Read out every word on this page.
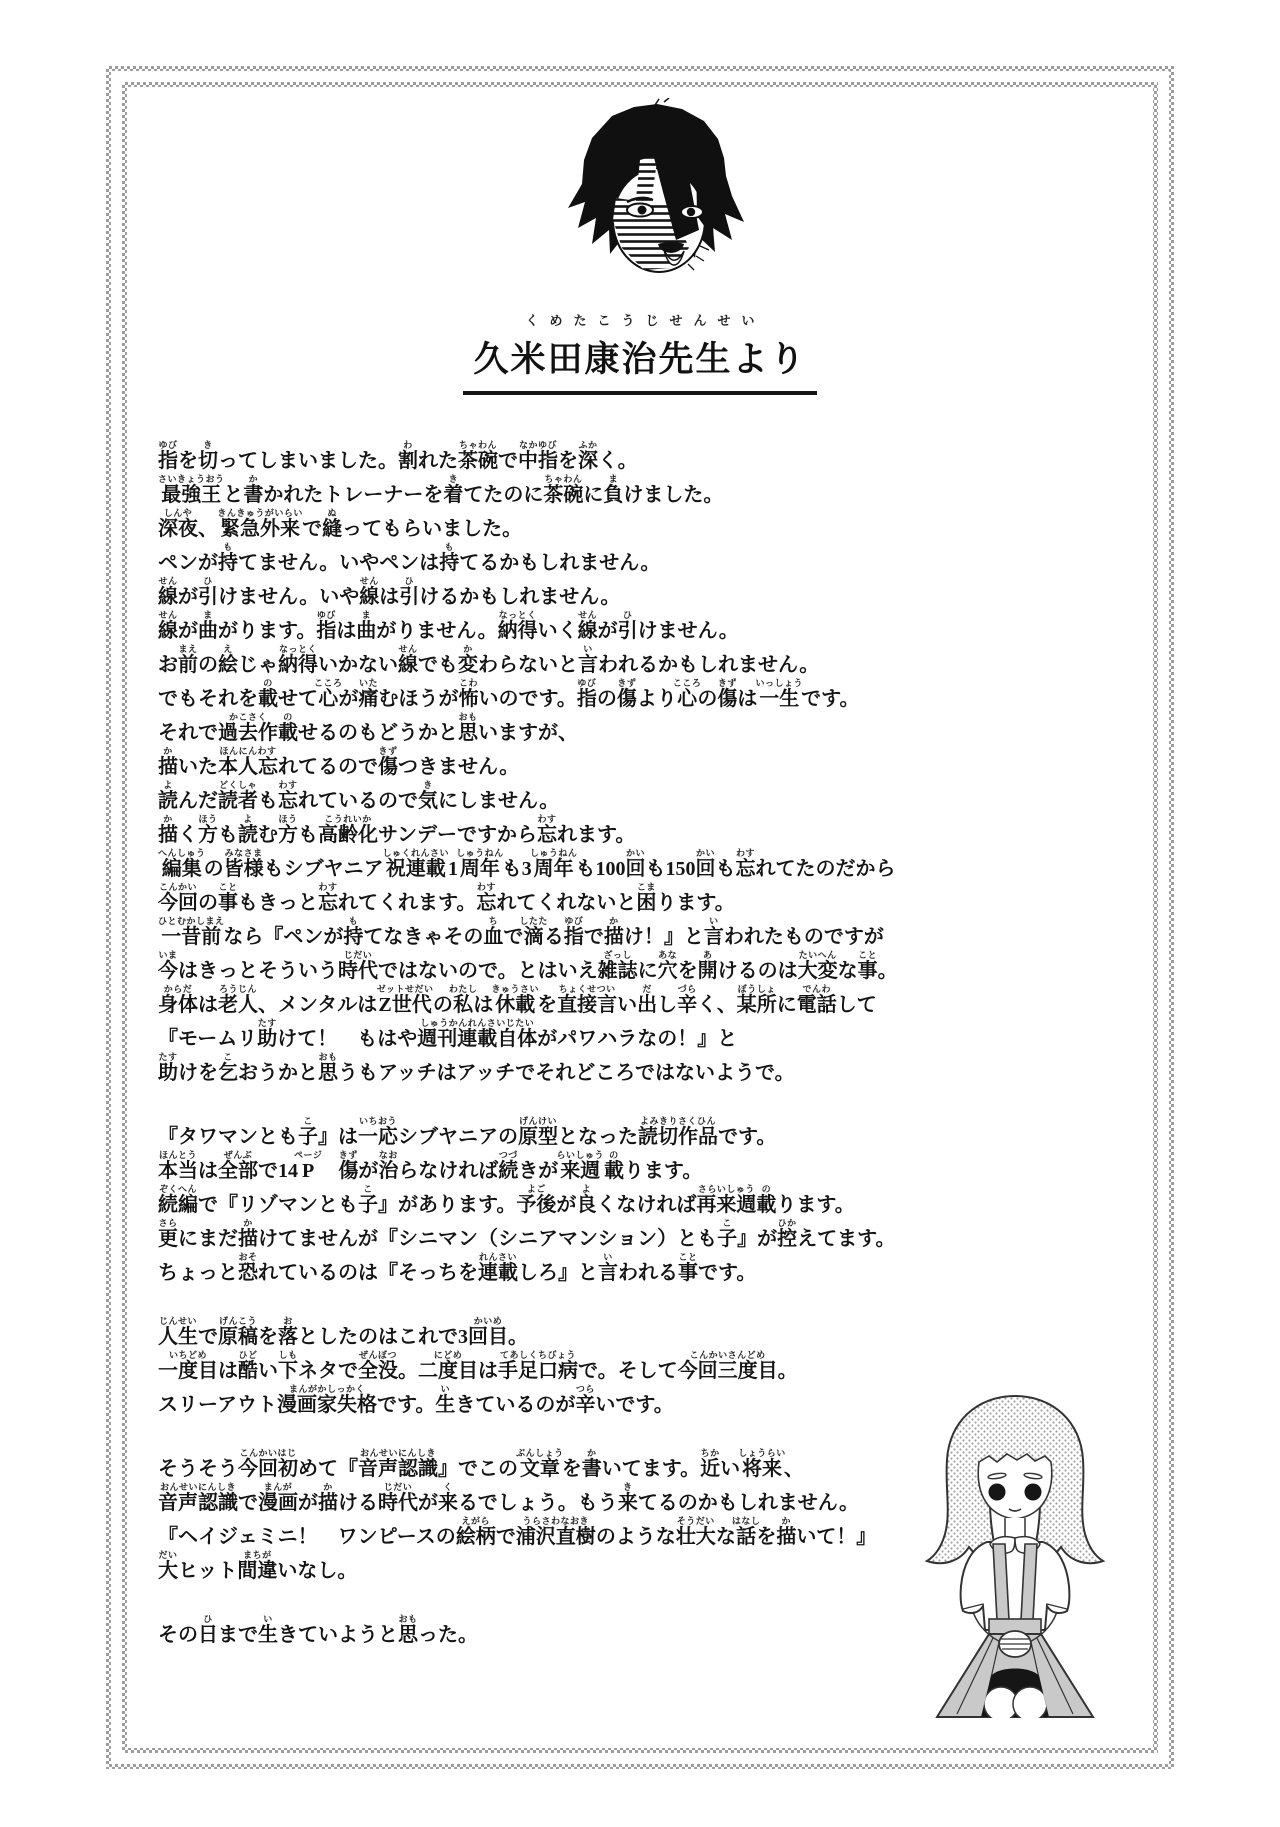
くめたこうじせんせい
久米田康治先生より

指ゆびを切きってしまいました。割われた茶碗ちゃわんで中指なかゆびを深ふかく。

最強王さいきょうおうと書かかれたトレーナーを着きてたのに茶碗ちゃわんに負まけました。

深夜しんや、緊急外来きんきゅうがいらいで縫ぬってもらいました。

ペンが持もてません。いやペンは持もてるかもしれません。

線せんが引ひけません。いや線せんは引ひけるかもしれません。

線せんが曲まがります。指ゆびは曲まがりません。納得なっとくいく線せんが引ひけません。

お前まえの絵えじゃ納得なっとくいかない線せんでも変かわらないと言いわれるかもしれません。

でもそれを載のせて心こころが痛いたむほうが怖こわいのです。指ゆびの傷きずより心こころの傷きずは一生いっしょうです。

それで過去作かこさく載のせるのもどうかと思おもいますが、

描かいた本人忘ほんにんわすれてるので傷きずつきません。

読よんだ読者どくしゃも忘わすれているので気きにしません。

描かく方ほうも読よむ方ほうも高齢化こうれいかサンデーですから忘わすれます。

編集へんしゅうの皆様みなさまもシブヤニア祝連載しゅくれんさい1周年しゅうねんも3周年しゅうねんも100回かいも150回かいも忘わすれてたのだから

今回こんかいの事こともきっと忘わすれてくれます。忘わすれてくれないと困こまります。

一昔前ひとむかしまえなら『ペンが持もてなきゃその血ちで滴したたる指ゆびで描かけ！』と言いわれたものですが

今いまはきっとそういう時代じだいではないので。とはいえ雑誌ざっしに穴あなを開あけるのは大変たいへんな事こと。

身体からだは老人ろうじん、メンタルはZ世代ゼットせだいの私わたしは休載きゅうさいを直接言ちょくせついい出だし辛づらく、某所ぼうしょに電話でんわして

『モームリ助たすけて！　もはや週刊連載自体しゅうかんれんさいじたいがパワハラなの！』と

助たすけを乞こおうかと思おもうもアッチはアッチでそれどころではないようで。

『タワマンとも子こ』は一応いちおうシブヤニアの原型げんけいとなった読切作品よみきりさくひんです。

本当ほんとうは全部ぜんぶで14Pページ　傷きずが治なおらなければ続つづきが来週らいしゅう載のります。

続編ぞくへんで『リゾマンとも子こ』があります。予後よごが良よくなければ再来週さらいしゅう載のります。

更さらにまだ描かけてませんが『シニマン（シニアマンション）とも子こ』が控ひかえてます。

ちょっと恐おそれているのは『そっちを連載れんさいしろ』と言いわれる事ことです。

人生じんせいで原稿げんこうを落おとしたのはこれで3回目かいめ。

一度目いちどめは酷ひどい下しもネタで全没ぜんぼつ。二度目にどめは手足口病てあしくちびょうで。そして今回三度目こんかいさんどめ。

スリーアウト漫画家失格まんがかしっかくです。生いきているのが辛つらいです。

そうそう今回初こんかいはじめて『音声認識おんせいにんしき』でこの文章ぶんしょうを書かいてます。近ちかい将来しょうらい、

音声認識おんせいにんしきで漫画まんがが描かける時代じだいが来くるでしょう。もう来きてるのかもしれません。

『ヘイジェミニ！　ワンピースの絵柄えがらで浦沢直樹うらさわなおきのような壮大そうだいな話はなしを描かいて！』

大だいヒット間違まちがいなし。

その日ひまで生いきていようと思おもった。
